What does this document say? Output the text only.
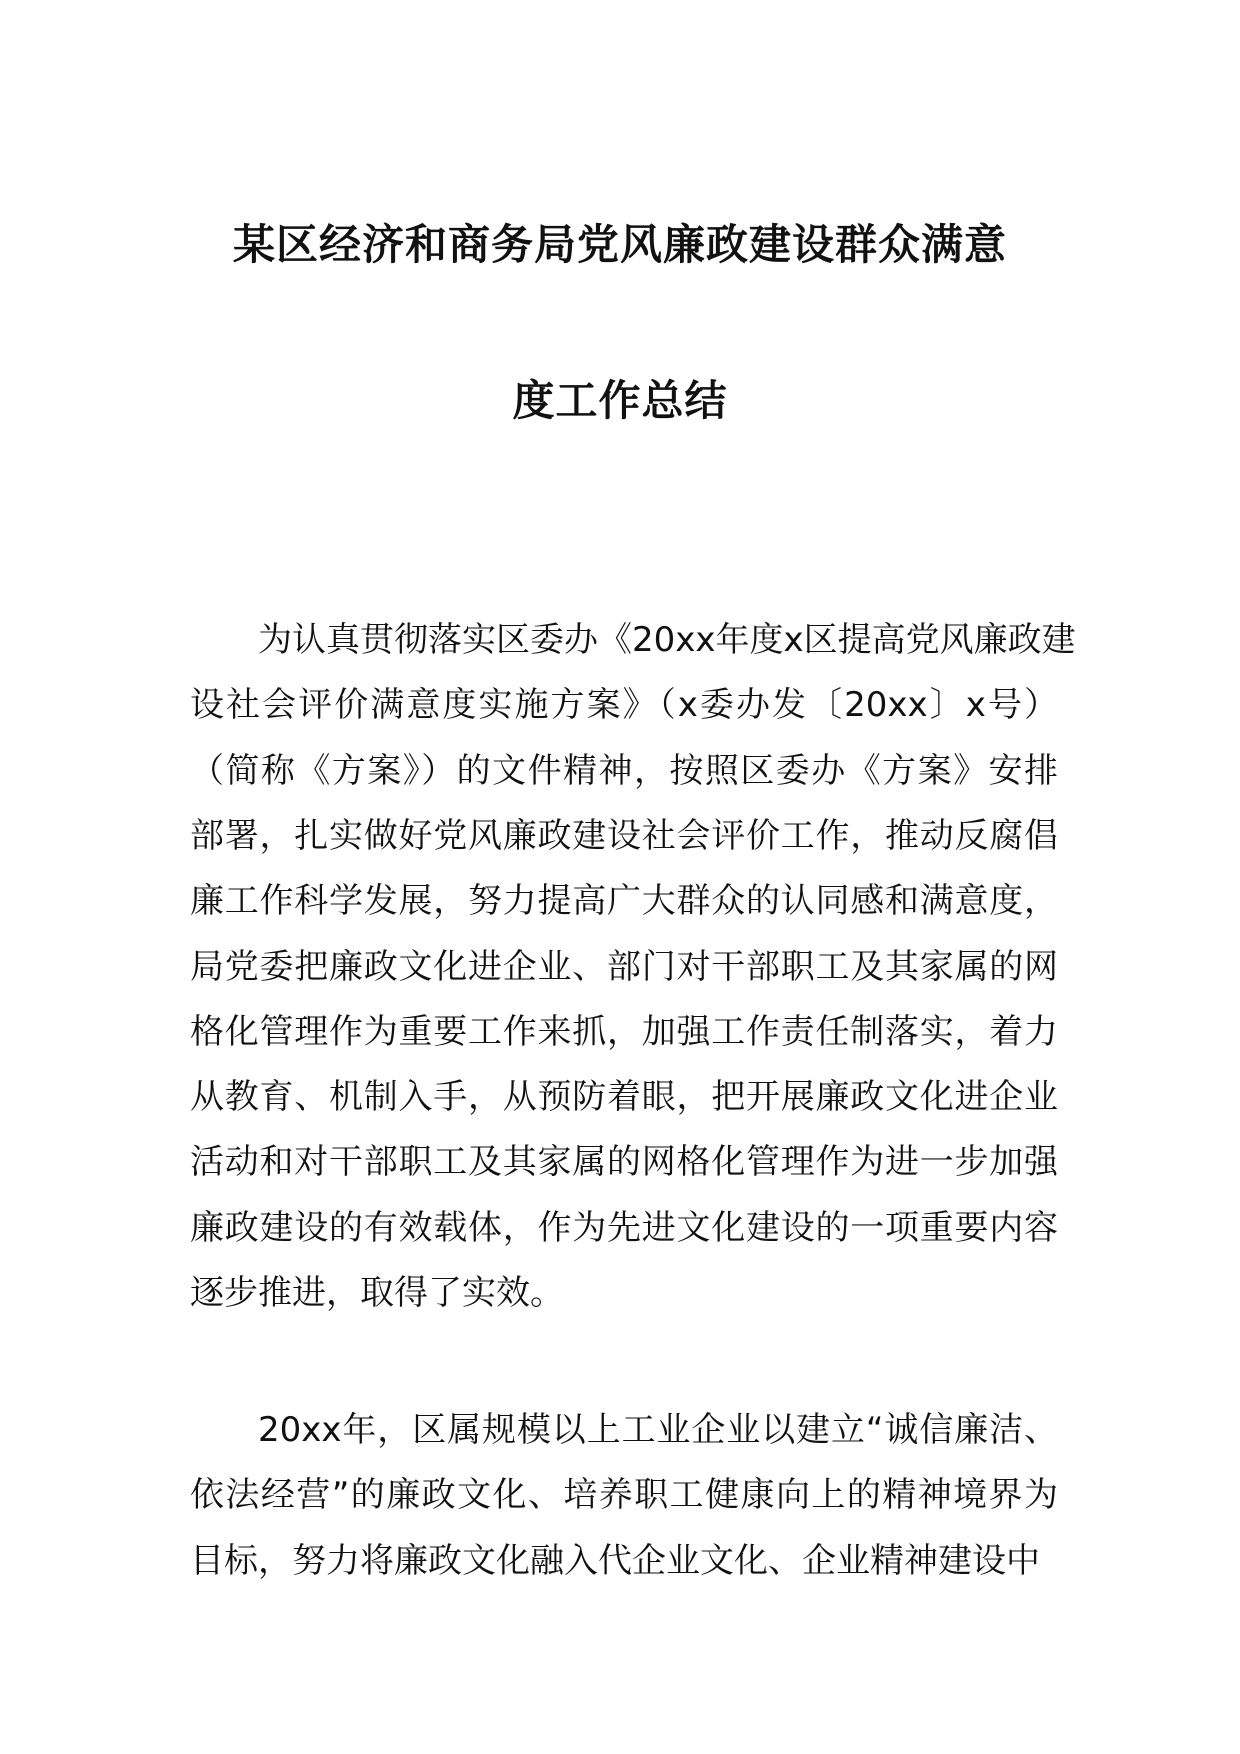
某区经济和商务局党风廉政建设群众满意
度工作总结
为认真贯彻落实区委办《20xx年度x区提高党风廉政建
设社会评价满意度实施方案》（x委办发〔20xx〕x号）
（简称《方案》）的文件精神，按照区委办《方案》安排
部署，扎实做好党风廉政建设社会评价工作，推动反腐倡
廉工作科学发展，努力提高广大群众的认同感和满意度，
局党委把廉政文化进企业、部门对干部职工及其家属的网
格化管理作为重要工作来抓，加强工作责任制落实，着力
从教育、机制入手，从预防着眼，把开展廉政文化进企业
活动和对干部职工及其家属的网格化管理作为进一步加强
廉政建设的有效载体，作为先进文化建设的一项重要内容
逐步推进，取得了实效。
20xx年，区属规模以上工业企业以建立“诚信廉洁、
依法经营”的廉政文化、培养职工健康向上的精神境界为
目标，努力将廉政文化融入代企业文化、企业精神建设中
